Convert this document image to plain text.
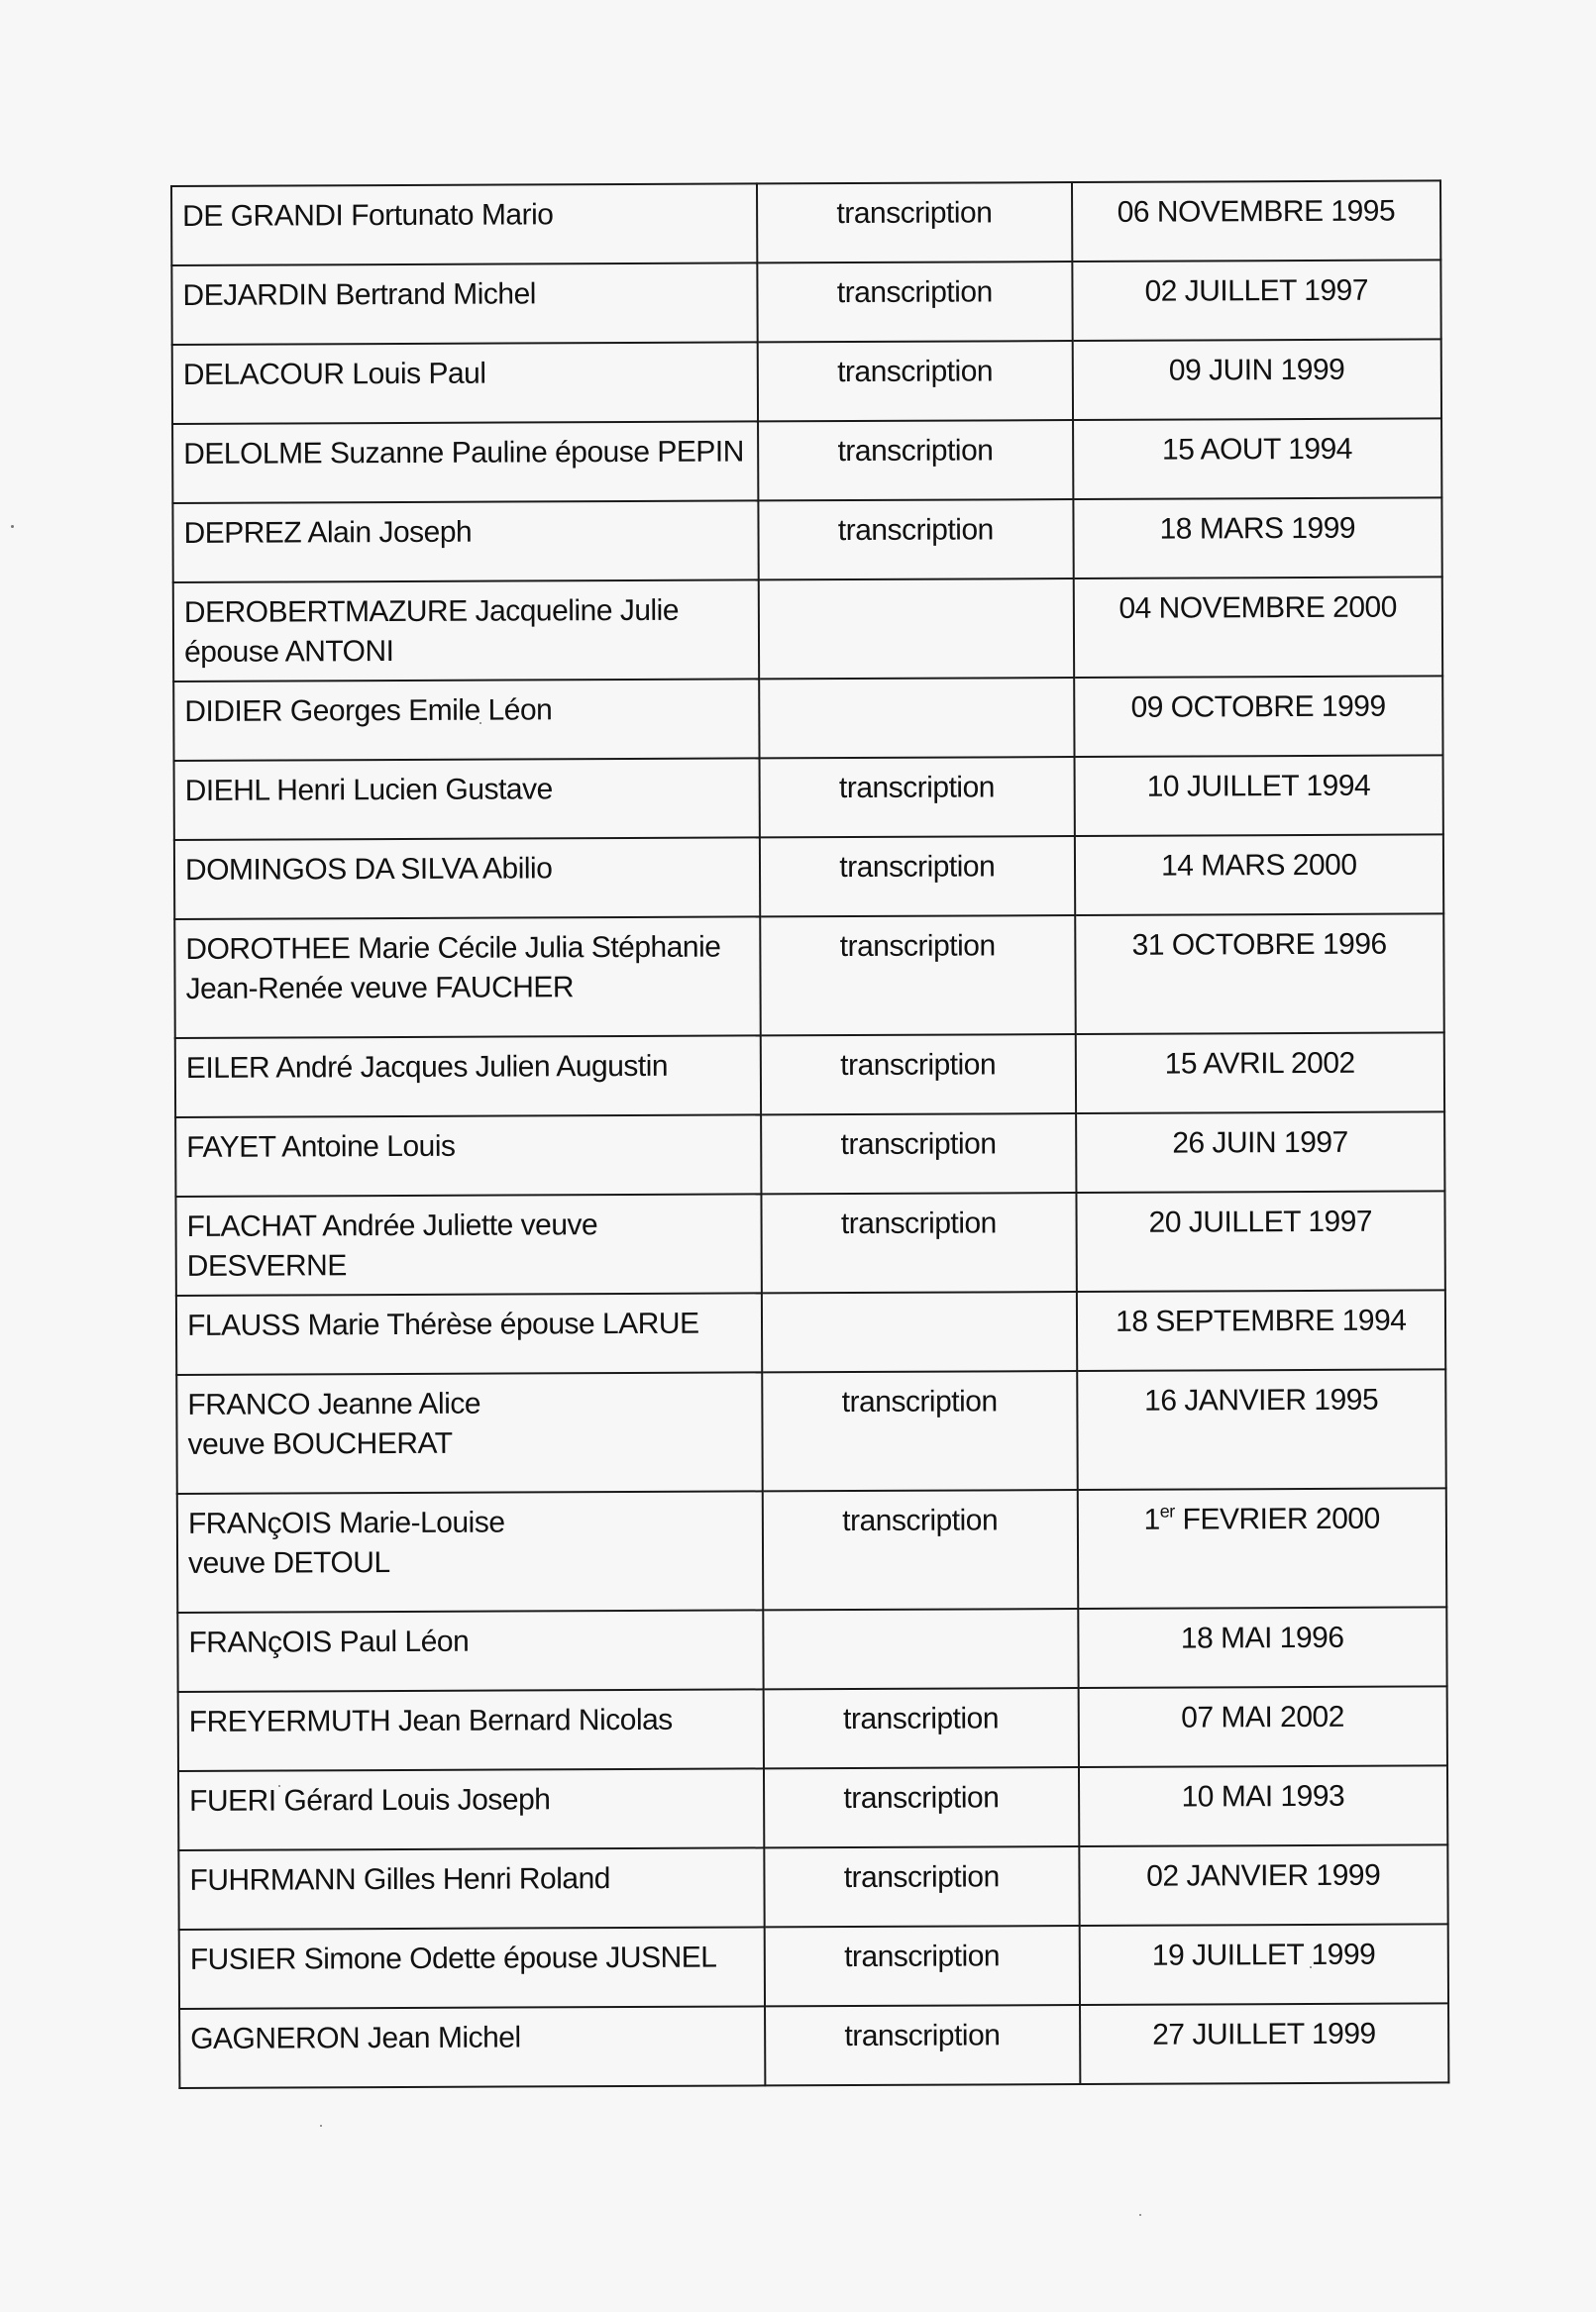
DE GRANDI Fortunato Mario	transcription	06 NOVEMBRE 1995
DEJARDIN Bertrand Michel	transcription	02 JUILLET 1997
DELACOUR Louis Paul	transcription	09 JUIN 1999
DELOLME Suzanne Pauline épouse PEPIN	transcription	15 AOUT 1994
DEPREZ Alain Joseph	transcription	18 MARS 1999
DEROBERTMAZURE Jacqueline Julie
épouse ANTONI		04 NOVEMBRE 2000
DIDIER Georges Emile Léon		09 OCTOBRE 1999
DIEHL Henri Lucien Gustave	transcription	10 JUILLET 1994
DOMINGOS DA SILVA Abilio	transcription	14 MARS 2000
DOROTHEE Marie Cécile Julia Stéphanie
Jean-Renée veuve FAUCHER	transcription	31 OCTOBRE 1996
EILER André Jacques Julien Augustin	transcription	15 AVRIL 2002
FAYET Antoine Louis	transcription	26 JUIN 1997
FLACHAT Andrée Juliette veuve DESVERNE	transcription	20 JUILLET 1997
FLAUSS Marie Thérèse épouse LARUE		18 SEPTEMBRE 1994
FRANCO Jeanne Alice
veuve BOUCHERAT	transcription	16 JANVIER 1995
FRANçOIS Marie-Louise
veuve DETOUL	transcription	1er FEVRIER 2000
FRANçOIS Paul Léon		18 MAI 1996
FREYERMUTH Jean Bernard Nicolas	transcription	07 MAI 2002
FUERI Gérard Louis Joseph	transcription	10 MAI 1993
FUHRMANN Gilles Henri Roland	transcription	02 JANVIER 1999
FUSIER Simone Odette épouse JUSNEL	transcription	19 JUILLET 1999
GAGNERON Jean Michel	transcription	27 JUILLET 1999
